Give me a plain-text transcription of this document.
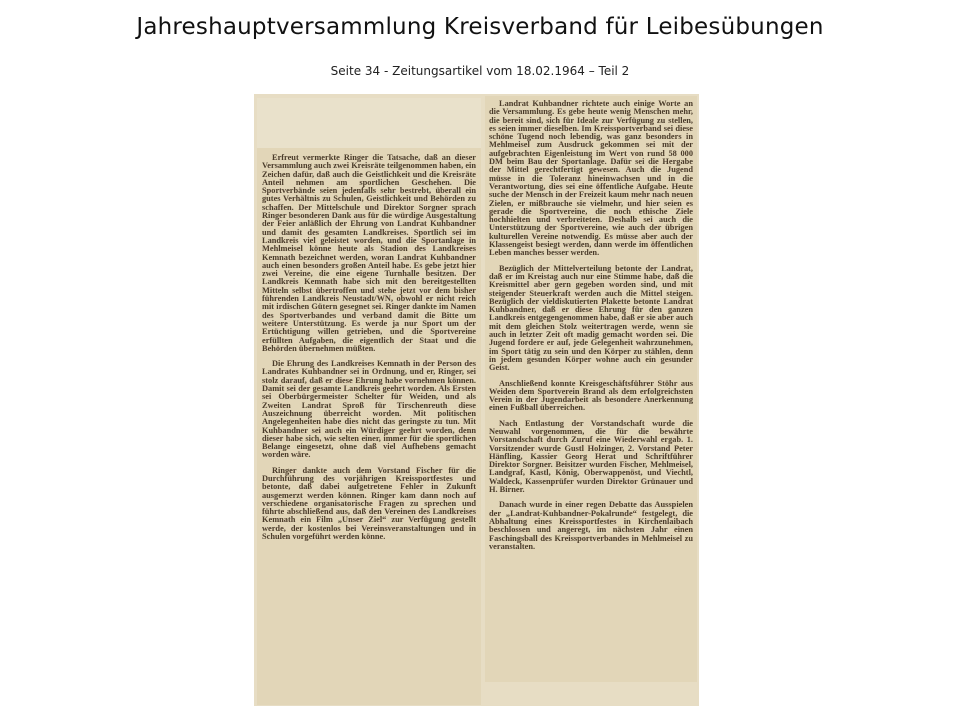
Jahreshauptversammlung Kreisverband für Leibesübungen
Seite 34 - Zeitungsartikel vom 18.02.1964 – Teil 2

Erfreut vermerkte Ringer die Tatsache, daß an dieser Versammlung auch zwei Kreisräte teilgenommen haben, ein Zeichen dafür, daß auch die Geistlichkeit und die Kreisräte Anteil nehmen am sportlichen Geschehen. Die Sportverbände seien jedenfalls sehr bestrebt, überall ein gutes Verhältnis zu Schulen, Geistlichkeit und Behörden zu schaffen. Der Mittelschule und Direktor Sorgner sprach Ringer besonderen Dank aus für die würdige Ausgestaltung der Feier anläßlich der Ehrung von Landrat Kuhbandner und damit des gesamten Landkreises. Sportlich sei im Landkreis viel geleistet worden, und die Sportanlage in Mehlmeisel könne heute als Stadion des Landkreises Kemnath bezeichnet werden, woran Landrat Kuhbandner auch einen besonders großen Anteil habe. Es gebe jetzt hier zwei Vereine, die eine eigene Turnhalle besitzen. Der Landkreis Kemnath habe sich mit den bereitgestellten Mitteln selbst übertroffen und stehe jetzt vor dem bisher führenden Landkreis Neustadt/WN, obwohl er nicht reich mit irdischen Gütern gesegnet sei. Ringer dankte im Namen des Sportverbandes und verband damit die Bitte um weitere Unterstützung. Es werde ja nur Sport um der Ertüchtigung willen getrieben, und die Sportvereine erfüllten Aufgaben, die eigentlich der Staat und die Behörden übernehmen müßten.

Die Ehrung des Landkreises Kemnath in der Person des Landrates Kuhbandner sei in Ordnung, und er, Ringer, sei stolz darauf, daß er diese Ehrung habe vornehmen können. Damit sei der gesamte Landkreis geehrt worden. Als Ersten sei Oberbürgermeister Schelter für Weiden, und als Zweiten Landrat Sproß für Tirschenreuth diese Auszeichnung überreicht worden. Mit politischen Angelegenheiten habe dies nicht das geringste zu tun. Mit Kuhbandner sei auch ein Würdiger geehrt worden, denn dieser habe sich, wie selten einer, immer für die sportlichen Belange eingesetzt, ohne daß viel Aufhebens gemacht worden wäre.

Ringer dankte auch dem Vorstand Fischer für die Durchführung des vorjährigen Kreissportfestes und betonte, daß dabei aufgetretene Fehler in Zukunft ausgemerzt werden können. Ringer kam dann noch auf verschiedene organisatorische Fragen zu sprechen und führte abschließend aus, daß den Vereinen des Landkreises Kemnath ein Film „Unser Ziel“ zur Verfügung gestellt werde, der kostenlos bei Vereinsveranstaltungen und in Schulen vorgeführt werden könne.

Landrat Kuhbandner richtete auch einige Worte an die Versammlung. Es gebe heute wenig Menschen mehr, die bereit sind, sich für Ideale zur Verfügung zu stellen, es seien immer dieselben. Im Kreissportverband sei diese schöne Tugend noch lebendig, was ganz besonders in Mehlmeisel zum Ausdruck gekommen sei mit der aufgebrachten Eigenleistung im Wert von rund 58 000 DM beim Bau der Sportanlage. Dafür sei die Hergabe der Mittel gerechtfertigt gewesen. Auch die Jugend müsse in die Toleranz hineinwachsen und in die Verantwortung, dies sei eine öffentliche Aufgabe. Heute suche der Mensch in der Freizeit kaum mehr nach neuen Zielen, er mißbrauche sie vielmehr, und hier seien es gerade die Sportvereine, die noch ethische Ziele hochhielten und verbreiteten. Deshalb sei auch die Unterstützung der Sportvereine, wie auch der übrigen kulturellen Vereine notwendig. Es müsse aber auch der Klassengeist besiegt werden, dann werde im öffentlichen Leben manches besser werden.

Bezüglich der Mittelverteilung betonte der Landrat, daß er im Kreistag auch nur eine Stimme habe, daß die Kreismittel aber gern gegeben worden sind, und mit steigender Steuerkraft werden auch die Mittel steigen. Bezüglich der vieldiskutierten Plakette betonte Landrat Kuhbandner, daß er diese Ehrung für den ganzen Landkreis entgegengenommen habe, daß er sie aber auch mit dem gleichen Stolz weitertragen werde, wenn sie auch in letzter Zeit oft madig gemacht worden sei. Die Jugend fordere er auf, jede Gelegenheit wahrzunehmen, im Sport tätig zu sein und den Körper zu stählen, denn in jedem gesunden Körper wohne auch ein gesunder Geist.

Anschließend konnte Kreisgeschäftsführer Stöhr aus Weiden dem Sportverein Brand als dem erfolgreichsten Verein in der Jugendarbeit als besondere Anerkennung einen Fußball überreichen.

Nach Entlastung der Vorstandschaft wurde die Neuwahl vorgenommen, die für die bewährte Vorstandschaft durch Zuruf eine Wiederwahl ergab. 1. Vorsitzender wurde Gustl Holzinger, 2. Vorstand Peter Hänfling, Kassier Georg Herat und Schriftführer Direktor Sorgner. Beisitzer wurden Fischer, Mehlmeisel, Landgraf, Kastl, König, Oberwappenöst, und Viechtl, Waldeck, Kassenprüfer wurden Direktor Grünauer und H. Birner.

Danach wurde in einer regen Debatte das Ausspielen der „Landrat-Kuhbandner-Pokalrunde“ festgelegt, die Abhaltung eines Kreissportfestes in Kirchenlaibach beschlossen und angeregt, im nächsten Jahr einen Faschingsball des Kreissportverbandes in Mehlmeisel zu veranstalten.
